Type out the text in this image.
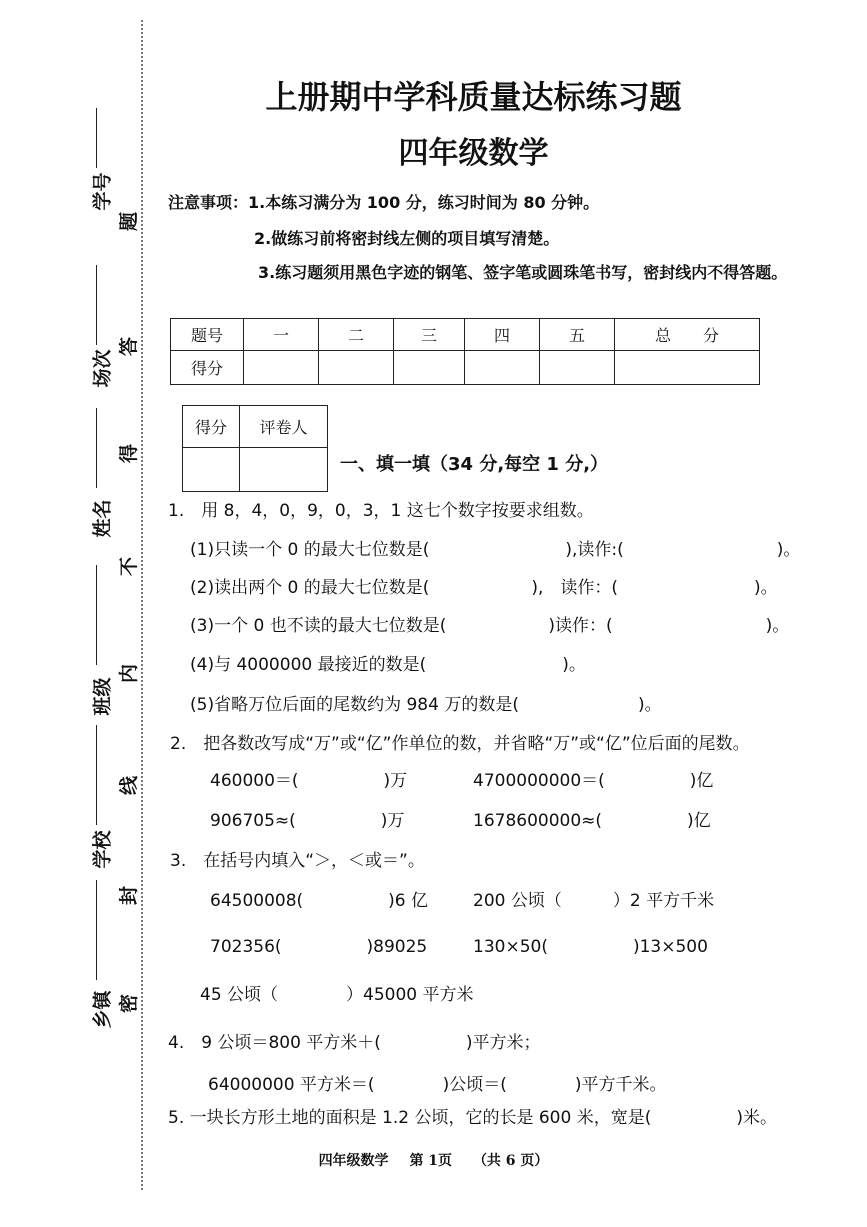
学号
场次
姓名
班级
学校
乡镇
题
答
得
不
内
线
封
密
上册期中学科质量达标练习题
四年级数学
注意事项：1.本练习满分为 100 分，练习时间为 80 分钟。
2.做练习前将密封线左侧的项目填写清楚。
3.练习题须用黑色字迹的钢笔、签字笔或圆珠笔书写，密封线内不得答题。
题号	一	二	三	四	五	总　　分
得分						
得分	评卷人

一、填一填（34 分,每空 1 分,）
1.　用 8，4，0，9，0，3，1 这七个数字按要求组数。
(1)只读一个 0 的最大七位数是(　　　　　　　　),读作:(　　　　　　　　　)。
(2)读出两个 0 的最大七位数是(　　　　　　),　读作：(　　　　　　　　)。
(3)一个 0 也不读的最大七位数是(　　　　　　)读作：(　　　　　　　　　)。
(4)与 4000000 最接近的数是(　　　　　　　　)。
(5)省略万位后面的尾数约为 984 万的数是(　　　　　　　)。
2.　把各数改写成“万”或“亿”作单位的数，并省略“万”或“亿”位后面的尾数。
460000＝(　　　　　)万	4700000000＝(　　　　　)亿
906705≈(　　　　　)万	1678600000≈(　　　　　)亿
3.　在括号内填入“＞，＜或＝”。
64500008(　　　　　)6 亿	200 公顷（　　　）2 平方千米
702356(　　　　　)89025	130×50(　　　　　)13×500
45 公顷（　　　　）45000 平方米
4.　9 公顷＝800 平方米＋(　　　　　)平方米；
64000000 平方米＝(　　　　)公顷＝(　　　　)平方千米。
5. 一块长方形土地的面积是 1.2 公顷，它的长是 600 米，宽是(　　　　　)米。
四年级数学 第 1页 （共 6 页）
